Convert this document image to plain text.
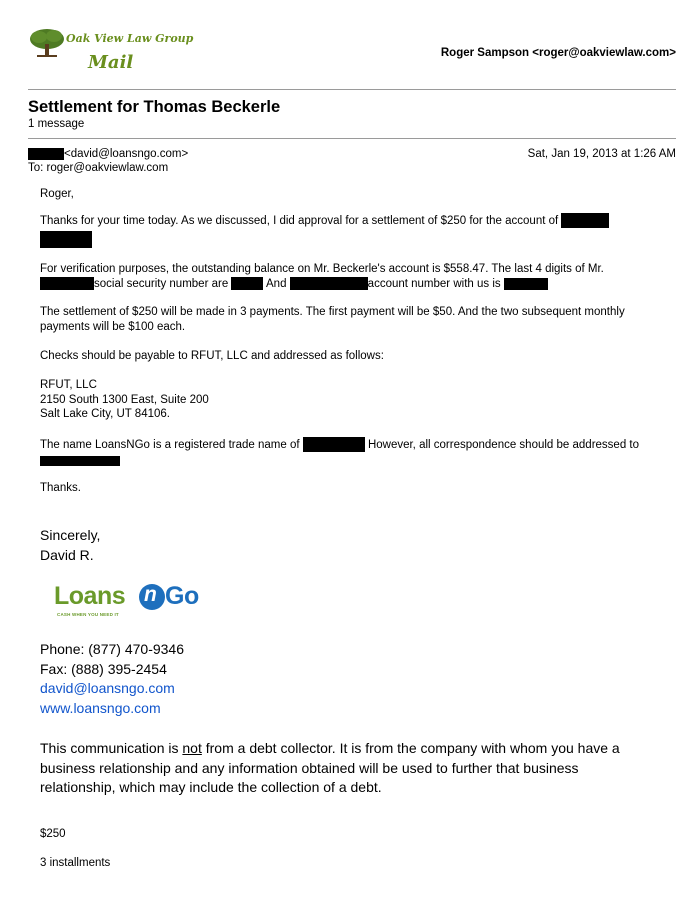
Oak View Law Group
Mail	Roger Sampson <roger@oakviewlaw.com>
Settlement for Thomas Beckerle
1 message
<david@loansngo.com>	Sat, Jan 19, 2013 at 1:26 AM
To: roger@oakviewlaw.com
Roger,
Thanks for your time today. As we discussed, I did approval for a settlement of $250 for the account of

For verification purposes, the outstanding balance on Mr. Beckerle's account is $558.47. The last 4 digits of Mr.
social security number are	And	account number with us is
The settlement of $250 will be made in 3 payments. The first payment will be $50. And the two subsequent monthly payments will be $100 each.
Checks should be payable to RFUT, LLC and addressed as follows:
RFUT, LLC
2150 South 1300 East, Suite 200
Salt Lake City, UT 84106.
The name LoansNGo is a registered trade name of	However, all correspondence should be addressed to

Thanks.
Sincerely,
David R.
Loans n Go
CASH WHEN YOU NEED IT
Phone: (877) 470-9346
Fax: (888) 395-2454
david@loansngo.com
www.loansngo.com
This communication is not from a debt collector. It is from the company with whom you have a business relationship and any information obtained will be used to further that business relationship, which may include the collection of a debt.
$250
3 installments
